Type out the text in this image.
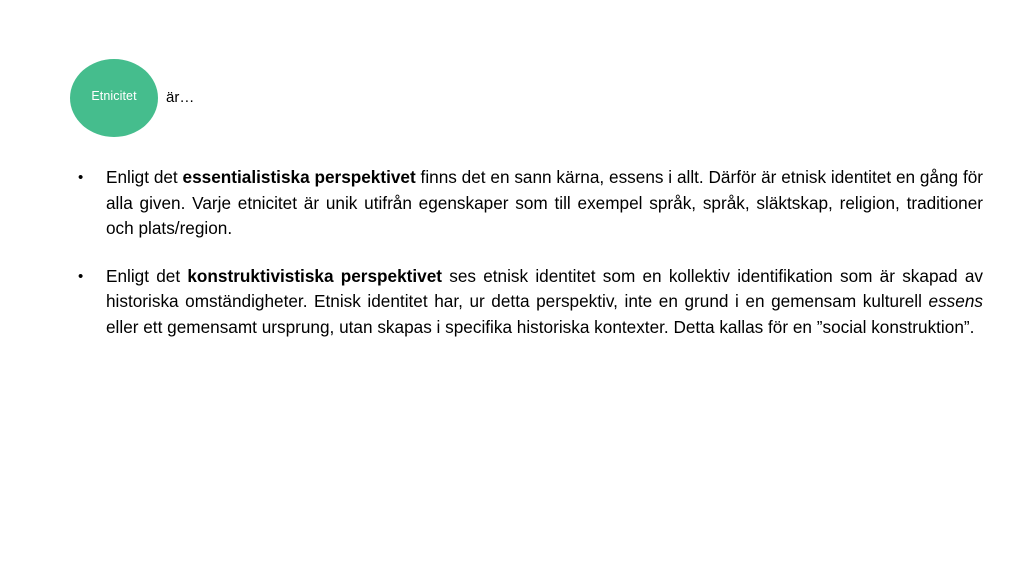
Etnicitet är…
• Enligt det essentialistiska perspektivet finns det en sann kärna, essens i allt. Därför är etnisk identitet en gång för alla given. Varje etnicitet är unik utifrån egenskaper som till exempel språk, språk, släktskap, religion, traditioner och plats/region.
• Enligt det konstruktivistiska perspektivet ses etnisk identitet som en kollektiv identifikation som är skapad av historiska omständigheter. Etnisk identitet har, ur detta perspektiv, inte en grund i en gemensam kulturell essens eller ett gemensamt ursprung, utan skapas i specifika historiska kontexter. Detta kallas för en ”social konstruktion”.
